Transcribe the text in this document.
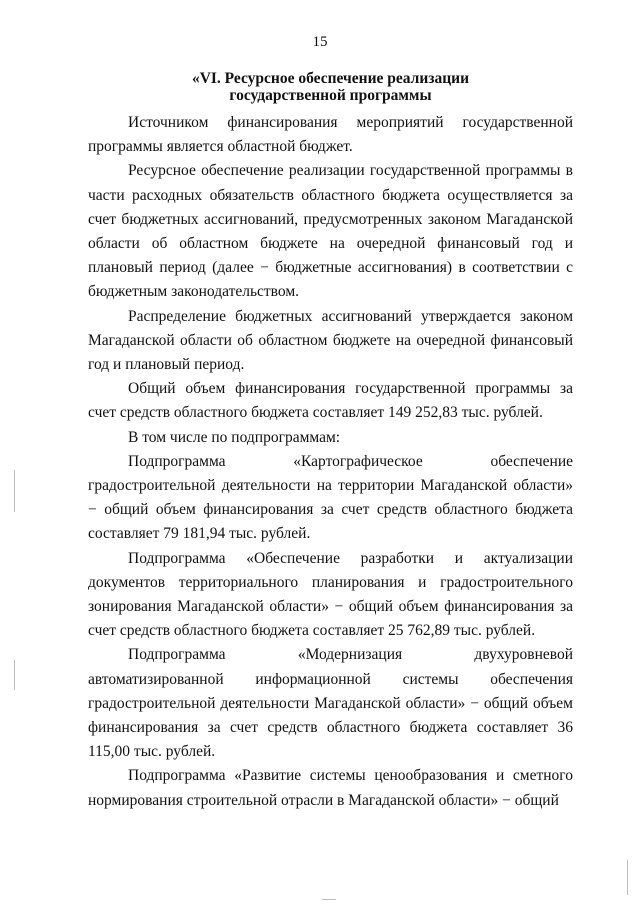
15
«VI. Ресурсное обеспечение реализации
государственной программы

Источником финансирования мероприятий государственной программы является областной бюджет.

Ресурсное обеспечение реализации государственной программы в части расходных обязательств областного бюджета осуществляется за счет бюджетных ассигнований, предусмотренных законом Магаданской области об областном бюджете на очередной финансовый год и плановый период (далее − бюджетные ассигнования) в соответствии с бюджетным законодательством.

Распределение бюджетных ассигнований утверждается законом Магаданской области об областном бюджете на очередной финансовый год и плановый период.

Общий объем финансирования государственной программы за счет средств областного бюджета составляет 149 252,83 тыс. рублей.

В том числе по подпрограммам:

Подпрограмма «Картографическое обеспечение градостроительной деятельности на территории Магаданской области» − общий объем финансирования за счет средств областного бюджета составляет 79 181,94 тыс. рублей.

Подпрограмма «Обеспечение разработки и актуализации документов территориального планирования и градостроительного зонирования Магаданской области» − общий объем финансирования за счет средств областного бюджета составляет 25 762,89 тыс. рублей.

Подпрограмма «Модернизация двухуровневой автоматизированной информационной системы обеспечения градостроительной деятельности Магаданской области» − общий объем финансирования за счет средств областного бюджета составляет 36 115,00 тыс. рублей.

Подпрограмма «Развитие системы ценообразования и сметного нормирования строительной отрасли в Магаданской области» − общий
